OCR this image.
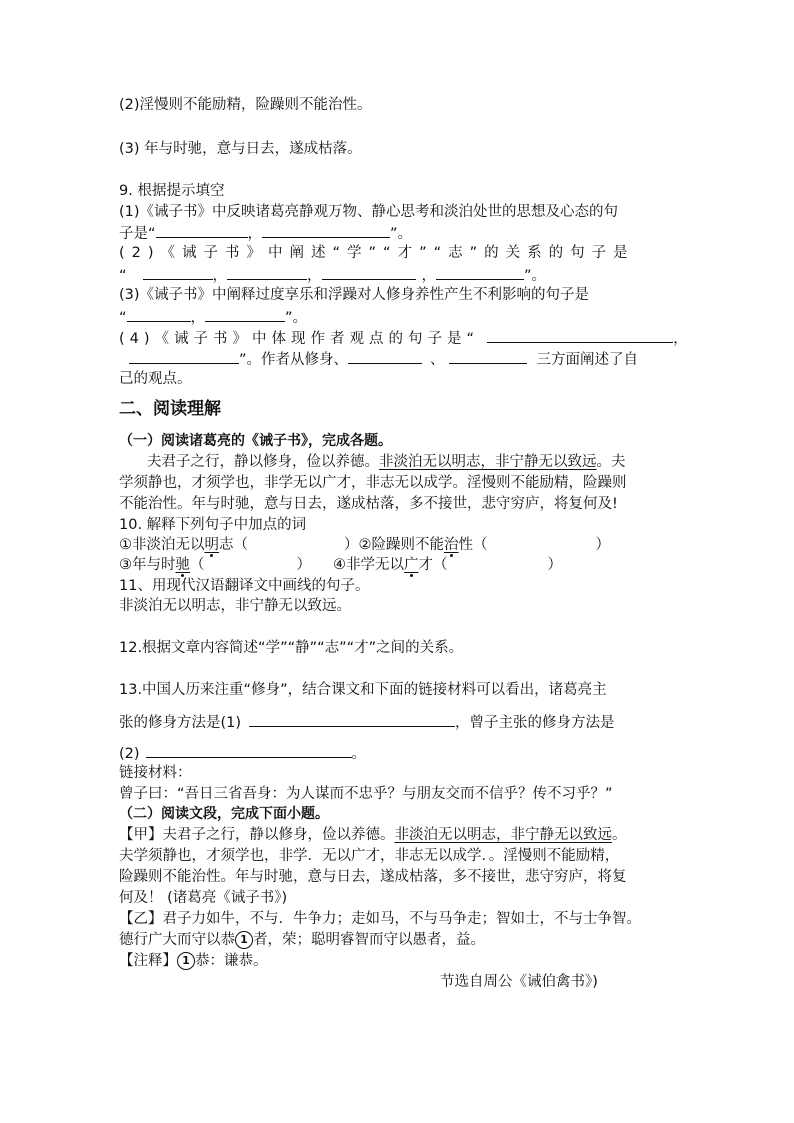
(2)淫慢则不能励精，险躁则不能治性。
(3) 年与时驰，意与日去，遂成枯落。
9. 根据提示填空
(1)《诫子书》中反映诸葛亮静观万物、静心思考和淡泊处世的思想及心态的句
子是“	，	”。
(2)《诫子书》中阐述“学”“才”“志”的关系的句子是
“	，	，	，	”。
(3)《诫子书》中阐释过度享乐和浮躁对人修身养性产生不利影响的句子是
“	，	”。
(4)《诫子书》中体现作者观点的句子是“	，
”。作者从修身、	、	三方面阐述了自
己的观点。
二、阅读理解
（一）阅读诸葛亮的《诫子书》，完成各题。
夫君子之行，静以修身，俭以养德。非淡泊无以明志，非宁静无以致远。夫
学须静也，才须学也，非学无以广才，非志无以成学。淫慢则不能励精，险躁则
不能治性。年与时驰，意与日去，遂成枯落，多不接世，悲守穷庐，将复何及!
10. 解释下列句子中加点的词
①非淡泊无以明志（	）②险躁则不能治性（	）
③年与时驰（	） ④非学无以广才（	）
11、用现代汉语翻译文中画线的句子。
非淡泊无以明志，非宁静无以致远。
12.根据文章内容简述“学”“静”“志”“才”之间的关系。
13.中国人历来注重“修身”，结合课文和下面的链接材料可以看出，诸葛亮主
张的修身方法是(1)	，曾子主张的修身方法是
(2)	。
链接材料：
曾子曰：“吾日三省吾身：为人谋而不忠乎？与朋友交而不信乎？传不习乎？”
（二）阅读文段，完成下面小题。
【甲】夫君子之行，静以修身，俭以养德。非淡泊无以明志，非宁静无以致远。
夫学须静也，才须学也，非学．无以广才，非志无以成学．。淫慢则不能励精，
险躁则不能治性。年与时驰，意与日去，遂成枯落，多不接世，悲守穷庐，将复
何及！ (诸葛亮《诫子书》)
【乙】君子力如牛，不与．牛争力；走如马，不与马争走；智如士，不与士争智。
德行广大而守以恭 1 者，荣；聪明睿智而守以愚者，益。
【注释】 1 恭：谦恭。
节选自周公《诫伯禽书》)
